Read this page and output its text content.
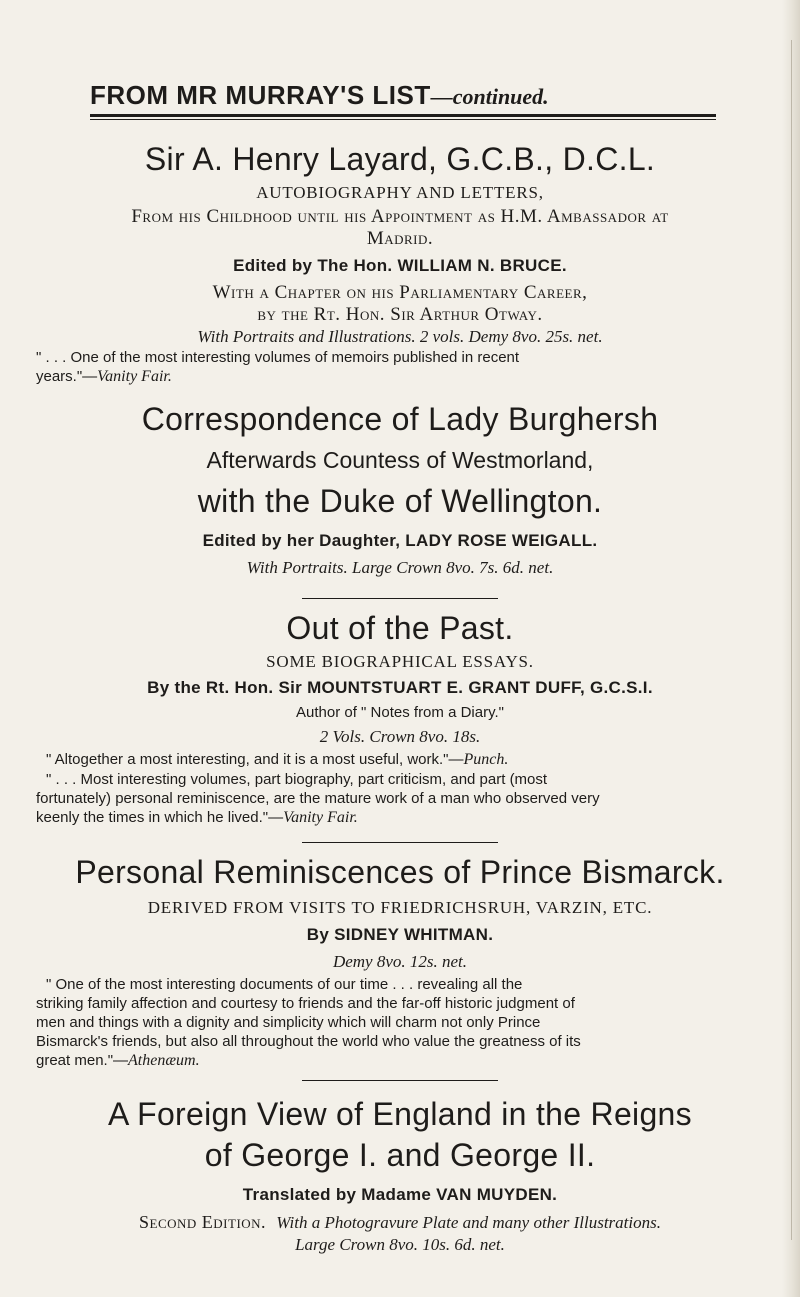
FROM MR MURRAY'S LIST—continued.
Sir A. Henry Layard, G.C.B., D.C.L.
AUTOBIOGRAPHY AND LETTERS,
From his Childhood until his Appointment as H.M. Ambassador at
Madrid.
Edited by The Hon. WILLIAM N. BRUCE.
With a Chapter on his Parliamentary Career,
by the Rt. Hon. Sir Arthur Otway.
With Portraits and Illustrations. 2 vols. Demy 8vo. 25s. net.
" . . . One of the most interesting volumes of memoirs published in recent
years."—Vanity Fair.
Correspondence of Lady Burghersh
Afterwards Countess of Westmorland,
with the Duke of Wellington.
Edited by her Daughter, LADY ROSE WEIGALL.
With Portraits. Large Crown 8vo. 7s. 6d. net.
Out of the Past.
SOME BIOGRAPHICAL ESSAYS.
By the Rt. Hon. Sir MOUNTSTUART E. GRANT DUFF, G.C.S.I.
Author of " Notes from a Diary."
2 Vols. Crown 8vo. 18s.
" Altogether a most interesting, and it is a most useful, work."—Punch.
" . . . Most interesting volumes, part biography, part criticism, and part (most
fortunately) personal reminiscence, are the mature work of a man who observed very
keenly the times in which he lived."—Vanity Fair.
Personal Reminiscences of Prince Bismarck.
DERIVED FROM VISITS TO FRIEDRICHSRUH, VARZIN, ETC.
By SIDNEY WHITMAN.
Demy 8vo. 12s. net.
" One of the most interesting documents of our time . . . revealing all the
striking family affection and courtesy to friends and the far-off historic judgment of
men and things with a dignity and simplicity which will charm not only Prince
Bismarck's friends, but also all throughout the world who value the greatness of its
great men."—Athenæum.
A Foreign View of England in the Reigns
of George I. and George II.
Translated by Madame VAN MUYDEN.
Second Edition. With a Photogravure Plate and many other Illustrations.
Large Crown 8vo. 10s. 6d. net.
